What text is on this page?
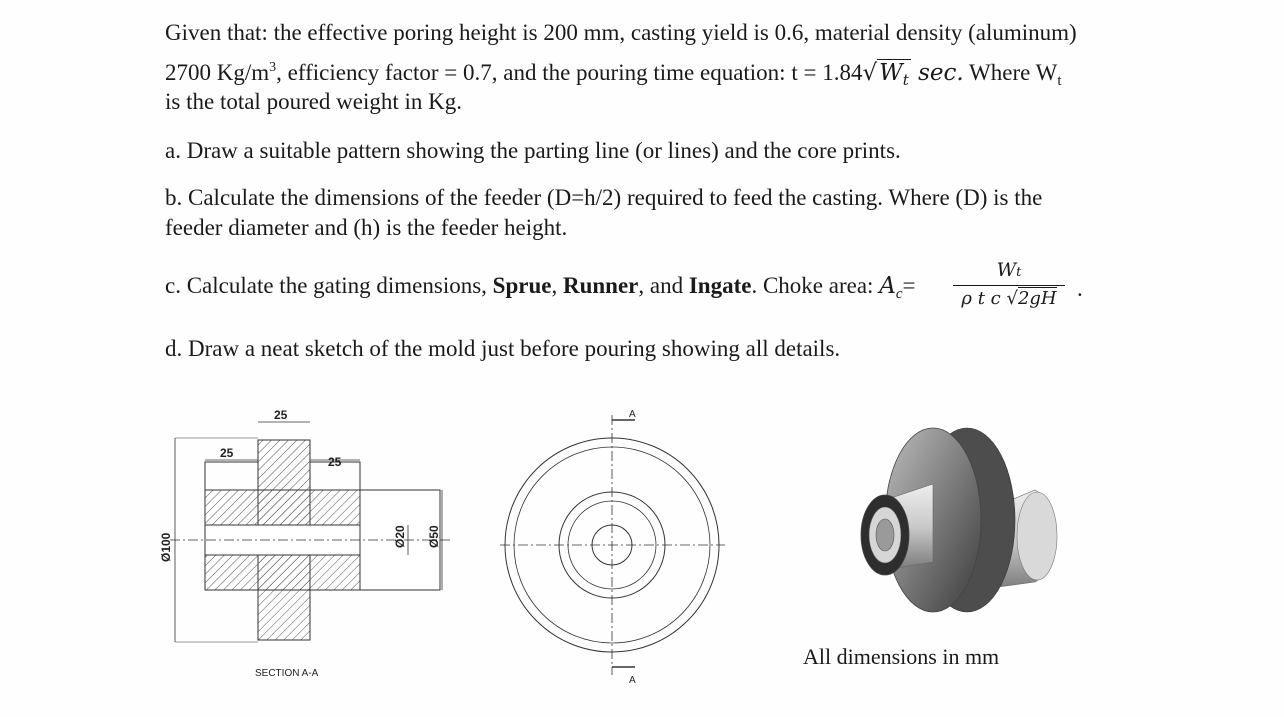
Given that: the effective poring height is 200 mm, casting yield is 0.6, material density (aluminum)

2700 $Kg/m^3$, efficiency factor = 0.7, and the pouring time equation: $t = 1.84√W_t$ sec. Where $W_t$

is the total poured weight in Kg.

a. Draw a suitable pattern showing the parting line (or lines) and the core prints.

b. Calculate the dimensions of the feeder (D=h/2) required to feed the casting. Where (D) is the

feeder diameter and (h) is the feeder height.

c. Calculate the gating dimensions, Sprue, Runner, and Ingate. Choke area: $A_c= \frac{Wt}{\text{ρ t c √2gH}}$ .

d. Draw a neat sketch of the mold just before pouring showing all details.

25
25
25
Ø100	Ø20 Ø50
SECTION A-A
A
A
All dimensions in mm
